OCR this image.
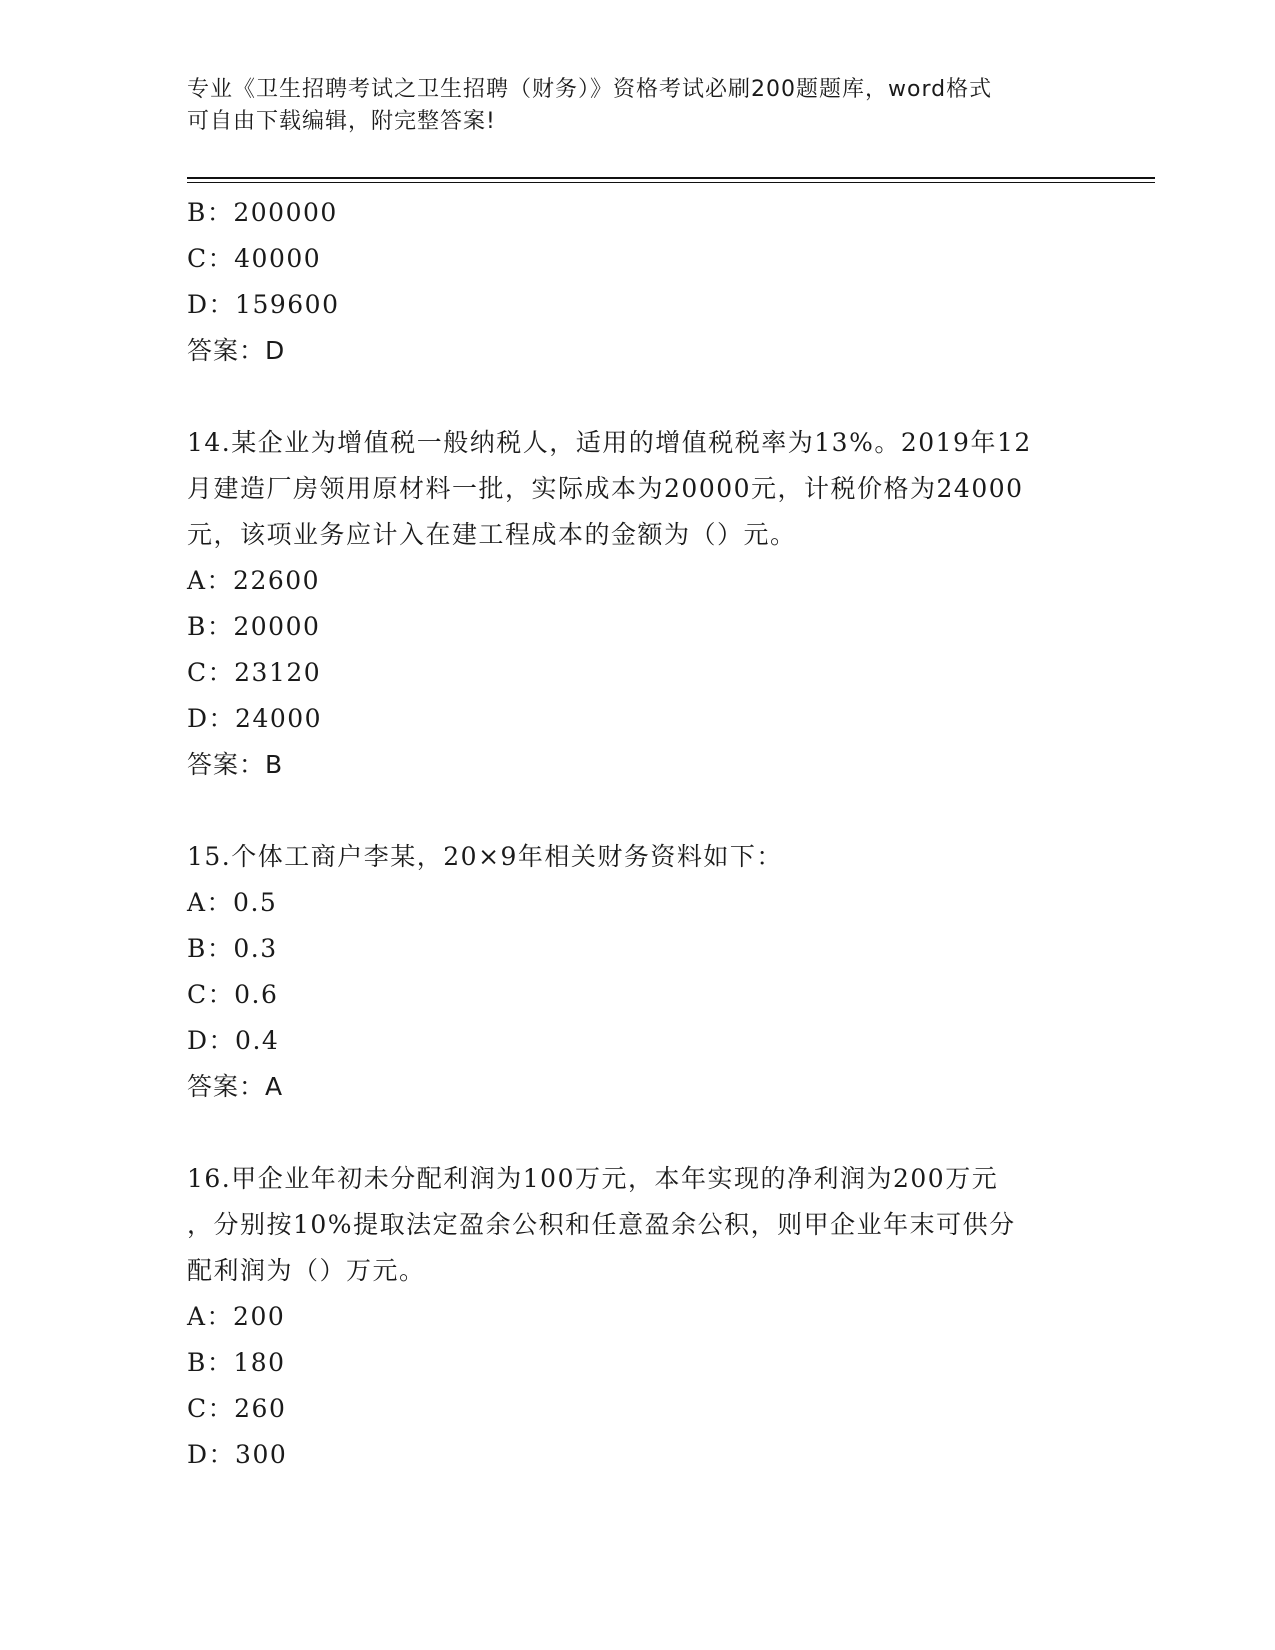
专业《卫生招聘考试之卫生招聘（财务）》资格考试必刷200题题库，word格式
可自由下载编辑，附完整答案!
B：200000
C：40000
D：159600
答案：D
14.某企业为增值税一般纳税人，适用的增值税税率为13%。2019年12
月建造厂房领用原材料一批，实际成本为20000元，计税价格为24000
元，该项业务应计入在建工程成本的金额为（）元。
A：22600
B：20000
C：23120
D：24000
答案：B
15.个体工商户李某，20×9年相关财务资料如下：
A：0.5
B：0.3
C：0.6
D：0.4
答案：A
16.甲企业年初未分配利润为100万元，本年实现的净利润为200万元
，分别按10%提取法定盈余公积和任意盈余公积，则甲企业年末可供分
配利润为（）万元。
A：200
B：180
C：260
D：300
